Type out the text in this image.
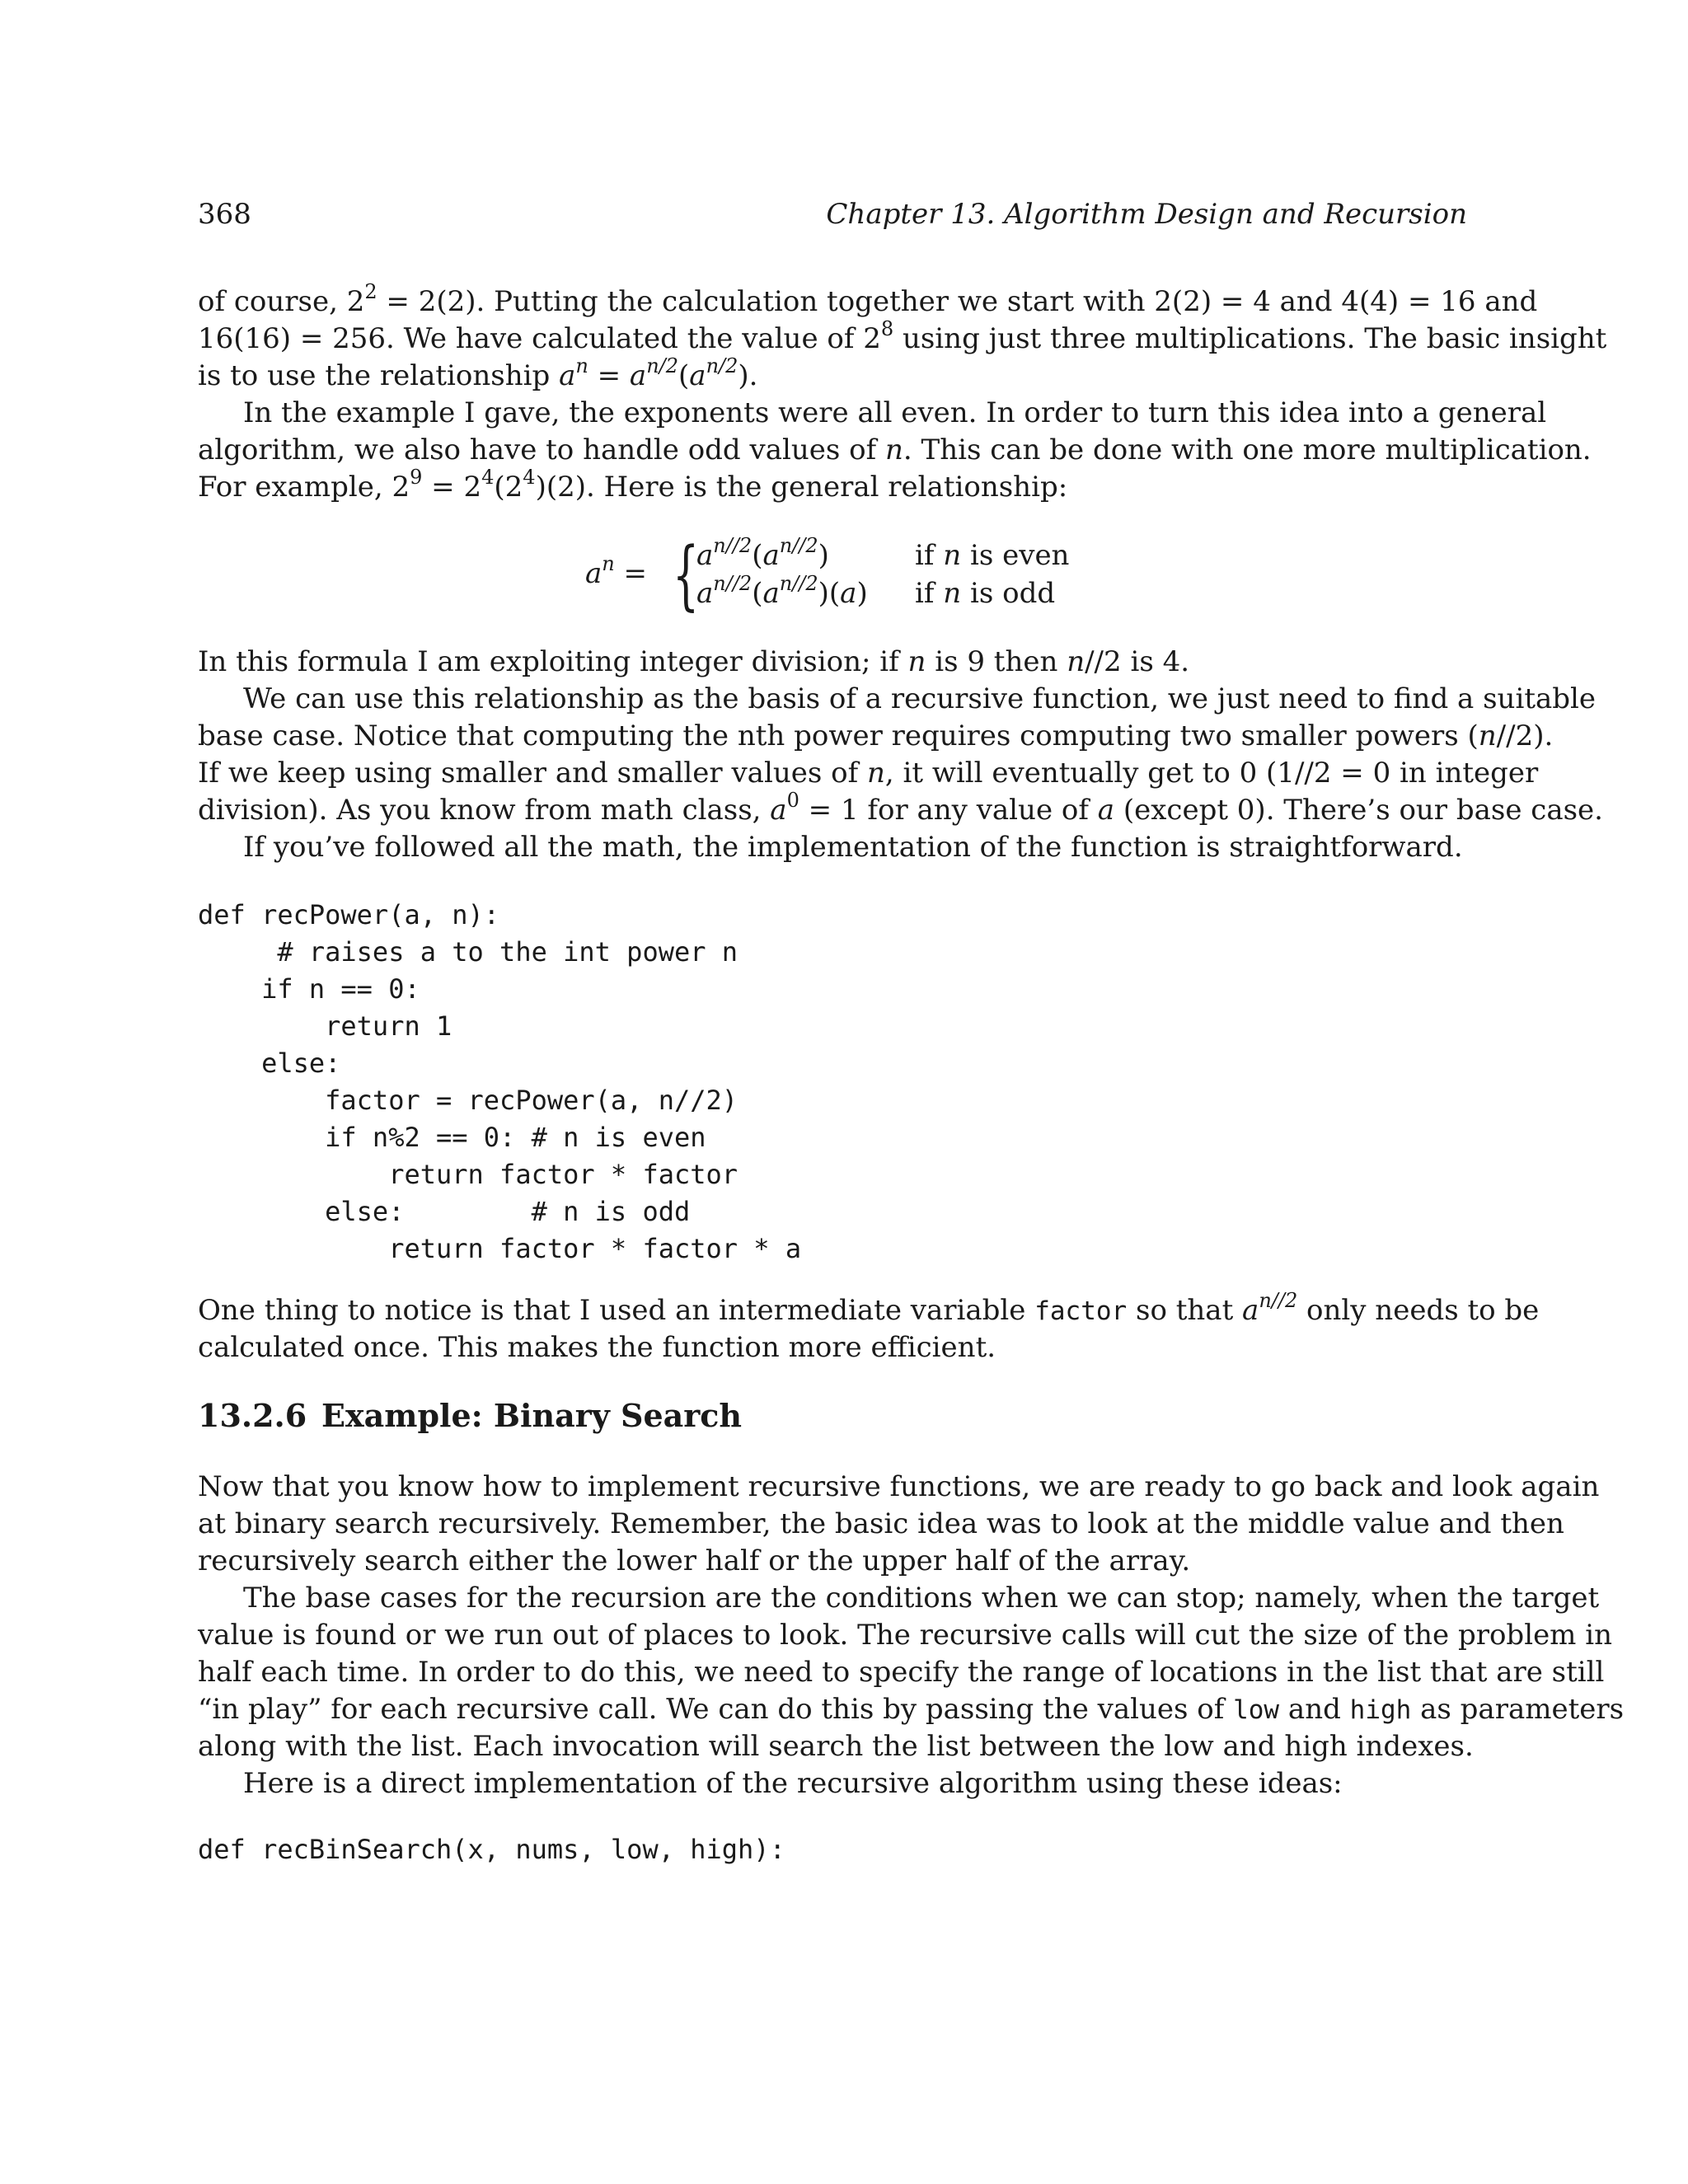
368	Chapter 13. Algorithm Design and Recursion
of course, $2^2 = 2(2)$. Putting the calculation together we start with 2(2) = 4 and 4(4) = 16 and
16(16) = 256. We have calculated the value of $2^8$ using just three multiplications. The basic insight
is to use the relationship $a^n = a^{n/2}(a^{n/2})$.
In the example I gave, the exponents were all even. In order to turn this idea into a general
algorithm, we also have to handle odd values of n. This can be done with one more multiplication.
For example, $2^9 = 2^4(2^4)(2)$. Here is the general relationship:
$a^n$ = {
$a^{n//2}(a^{n//2})$	if n is even
$a^{n//2}(a^{n//2})(a)$ if n is odd
In this formula I am exploiting integer division; if n is 9 then n//2 is 4.
We can use this relationship as the basis of a recursive function, we just need to find a suitable
base case. Notice that computing the nth power requires computing two smaller powers (n//2).
If we keep using smaller and smaller values of n, it will eventually get to 0 (1//2 = 0 in integer
division). As you know from math class, $a^0 = 1$ for any value of a (except 0). There’s our base case.
If you’ve followed all the math, the implementation of the function is straightforward.
def recPower(a, n):
# raises a to the int power n
if n == 0:
return 1
else:
factor = recPower(a, n//2)
if n%2 == 0: # n is even
return factor * factor
else:        # n is odd
return factor * factor * a
One thing to notice is that I used an intermediate variable factor so that $a^{n//2}$ only needs to be
calculated once. This makes the function more efficient.
13.2.6 Example: Binary Search
Now that you know how to implement recursive functions, we are ready to go back and look again
at binary search recursively. Remember, the basic idea was to look at the middle value and then
recursively search either the lower half or the upper half of the array.
The base cases for the recursion are the conditions when we can stop; namely, when the target
value is found or we run out of places to look. The recursive calls will cut the size of the problem in
half each time. In order to do this, we need to specify the range of locations in the list that are still
“in play” for each recursive call. We can do this by passing the values of low and high as parameters
along with the list. Each invocation will search the list between the low and high indexes.
Here is a direct implementation of the recursive algorithm using these ideas:
def recBinSearch(x, nums, low, high):
